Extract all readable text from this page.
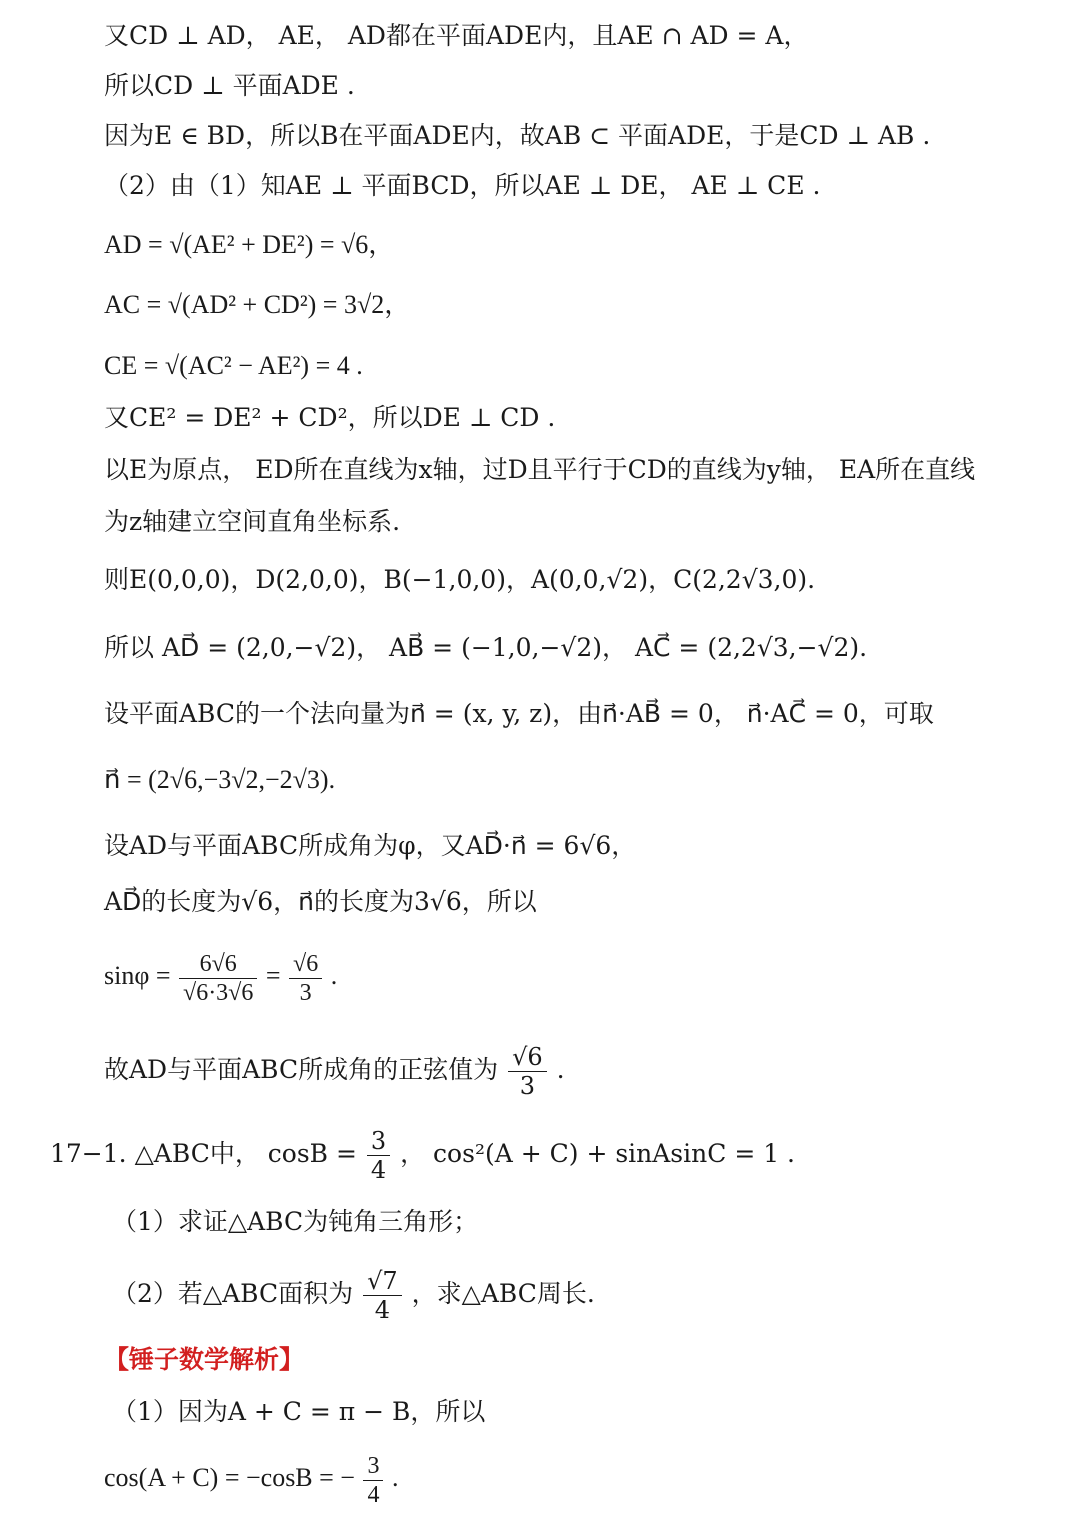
又CD ⊥ AD， AE， AD都在平面ADE内，且AE ∩ AD = A，
所以CD ⊥ 平面ADE .
因为E ∈ BD，所以B在平面ADE内，故AB ⊂ 平面ADE，于是CD ⊥ AB .
（2）由（1）知AE ⊥ 平面BCD，所以AE ⊥ DE， AE ⊥ CE .
AD = √(AE² + DE²) = √6，
AC = √(AD² + CD²) = 3√2，
CE = √(AC² − AE²) = 4 .
又CE² = DE² + CD²，所以DE ⊥ CD .
以E为原点， ED所在直线为x轴，过D且平行于CD的直线为y轴， EA所在直线
为z轴建立空间直角坐标系.
则E(0,0,0)，D(2,0,0)，B(−1,0,0)，A(0,0,√2)，C(2,2√3,0).
所以 AD⃗ = (2,0,−√2)， AB⃗ = (−1,0,−√2)， AC⃗ = (2,2√3,−√2).
设平面ABC的一个法向量为n⃗ = (x, y, z)，由n⃗·AB⃗ = 0， n⃗·AC⃗ = 0，可取
n⃗ = (2√6,−3√2,−2√3).
设AD与平面ABC所成角为φ，又AD⃗·n⃗ = 6√6，
AD⃗的长度为√6，n⃗的长度为3√6，所以
$\sin\varphi = \frac{6√6}{√6\cdot 3√6} = \frac{√6}{3}$ .
故AD与平面ABC所成角的正弦值为 $\frac{√6}{3}$ .
17−1. △ABC中， $\cos B = \frac{3}{4}$ ， cos²(A + C) + sinAsinC = 1 .
（1）求证△ABC为钝角三角形；
（2）若△ABC面积为 $\frac{√7}{4}$ ，求△ABC周长.
【锤子数学解析】
（1）因为A + C = π − B，所以
cos(A + C) = −cosB = − $\frac{3}{4}$ .
